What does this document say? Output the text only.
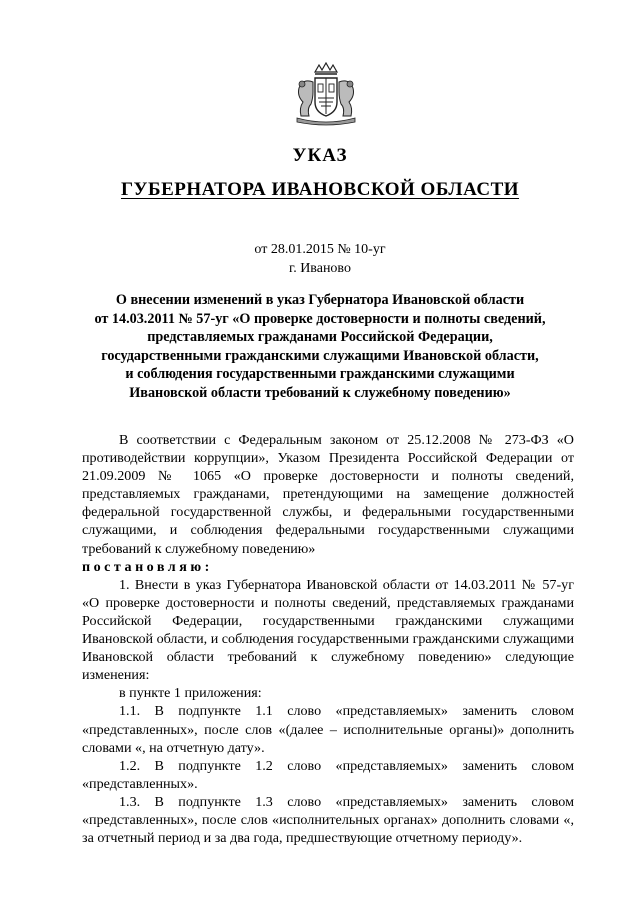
УКАЗ
ГУБЕРНАТОРА ИВАНОВСКОЙ ОБЛАСТИ
от 28.01.2015 № 10-уг
г. Иваново
О внесении изменений в указ Губернатора Ивановской области
от 14.03.2011 № 57-уг «О проверке достоверности и полноты сведений,
представляемых гражданами Российской Федерации,
государственными гражданскими служащими Ивановской области,
и соблюдения государственными гражданскими служащими
Ивановской области требований к служебному поведению»

В соответствии с Федеральным законом от 25.12.2008 № 273-ФЗ «О противодействии коррупции», Указом Президента Российской Федерации от 21.09.2009 № 1065 «О проверке достоверности и полноты сведений, представляемых гражданами, претендующими на замещение должностей федеральной государственной службы, и федеральными государственными служащими, и соблюдения федеральными государственными служащими требований к служебному поведению»

постановляю:

1. Внести в указ Губернатора Ивановской области от 14.03.2011 № 57-уг «О проверке достоверности и полноты сведений, представляемых гражданами Российской Федерации, государственными гражданскими служащими Ивановской области, и соблюдения государственными гражданскими служащими Ивановской области требований к служебному поведению» следующие изменения:

в пункте 1 приложения:

1.1. В подпункте 1.1 слово «представляемых» заменить словом «представленных», после слов «(далее – исполнительные органы)» дополнить словами «, на отчетную дату».

1.2. В подпункте 1.2 слово «представляемых» заменить словом «представленных».

1.3. В подпункте 1.3 слово «представляемых» заменить словом «представленных», после слов «исполнительных органах» дополнить словами «, за отчетный период и за два года, предшествующие отчетному периоду».
